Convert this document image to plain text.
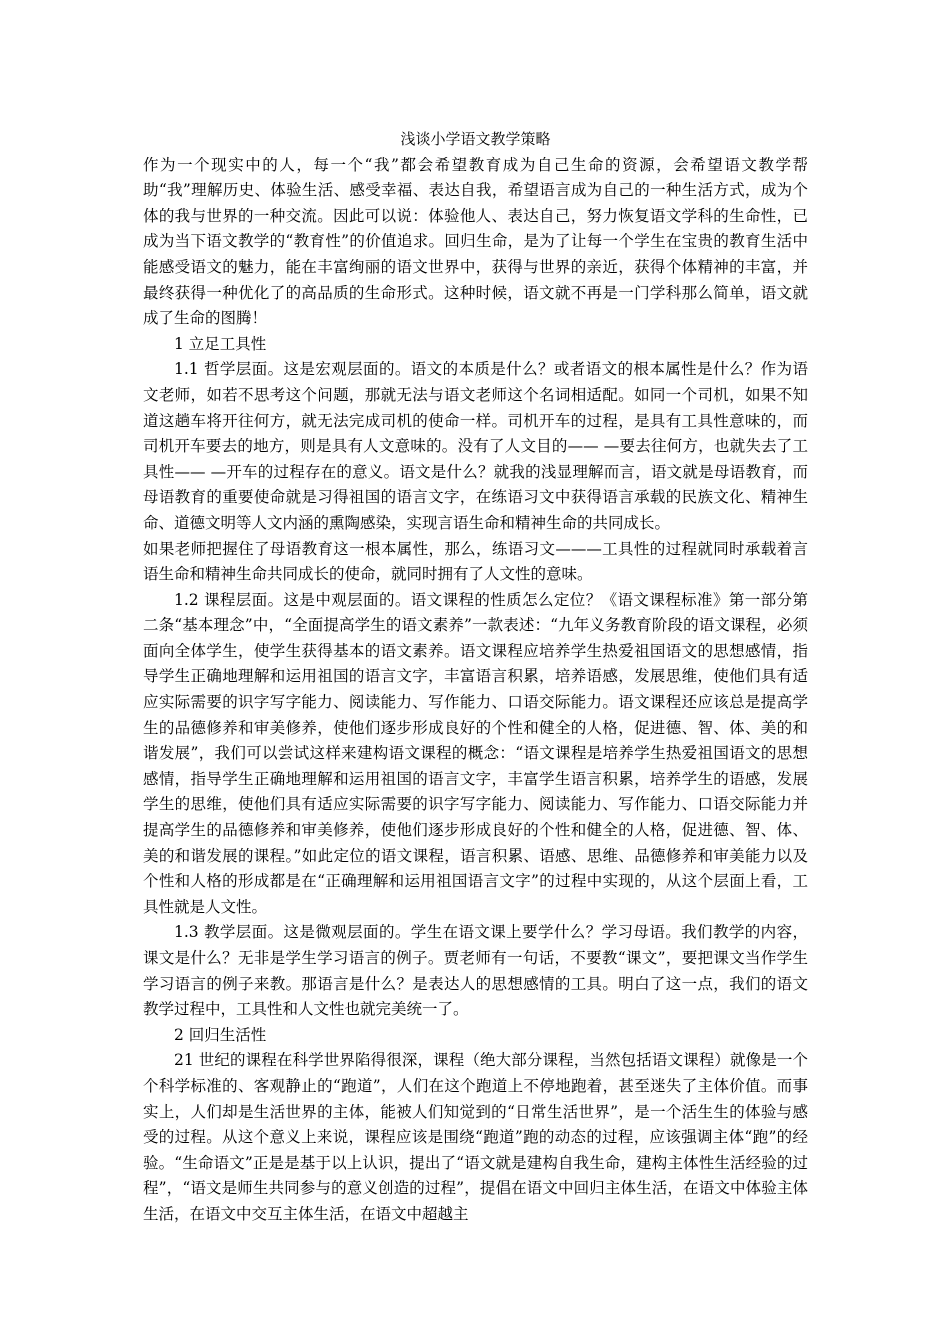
浅谈小学语文教学策略

作为一个现实中的人，每一个“我”都会希望教育成为自己生命的资源，会希望语文教学帮助“我”理解历史、体验生活、感受幸福、表达自我，希望语言成为自己的一种生活方式，成为个体的我与世界的一种交流。因此可以说：体验他人、表达自己，努力恢复语文学科的生命性，已成为当下语文教学的“教育性”的价值追求。回归生命，是为了让每一个学生在宝贵的教育生活中能感受语文的魅力，能在丰富绚丽的语文世界中，获得与世界的亲近，获得个体精神的丰富，并最终获得一种优化了的高品质的生命形式。这种时候，语文就不再是一门学科那么简单，语文就成了生命的图腾！

1 立足工具性

1.1 哲学层面。这是宏观层面的。语文的本质是什么？或者语文的根本属性是什么？作为语文老师，如若不思考这个问题，那就无法与语文老师这个名词相适配。如同一个司机，如果不知道这趟车将开往何方，就无法完成司机的使命一样。司机开车的过程，是具有工具性意味的，而司机开车要去的地方，则是具有人文意味的。没有了人文目的—— —要去往何方，也就失去了工具性—— —开车的过程存在的意义。语文是什么？就我的浅显理解而言，语文就是母语教育，而母语教育的重要使命就是习得祖国的语言文字，在练语习文中获得语言承载的民族文化、精神生命、道德文明等人文内涵的熏陶感染，实现言语生命和精神生命的共同成长。

如果老师把握住了母语教育这一根本属性，那么，练语习文———工具性的过程就同时承载着言语生命和精神生命共同成长的使命，就同时拥有了人文性的意味。

1.2 课程层面。这是中观层面的。语文课程的性质怎么定位？《语文课程标准》第一部分第二条“基本理念”中，“全面提高学生的语文素养”一款表述：“九年义务教育阶段的语文课程，必须面向全体学生，使学生获得基本的语文素养。语文课程应培养学生热爱祖国语文的思想感情，指导学生正确地理解和运用祖国的语言文字，丰富语言积累，培养语感，发展思维，使他们具有适应实际需要的识字写字能力、阅读能力、写作能力、口语交际能力。语文课程还应该总是提高学生的品德修养和审美修养，使他们逐步形成良好的个性和健全的人格，促进德、智、体、美的和谐发展”，我们可以尝试这样来建构语文课程的概念：“语文课程是培养学生热爱祖国语文的思想感情，指导学生正确地理解和运用祖国的语言文字，丰富学生语言积累，培养学生的语感，发展学生的思维，使他们具有适应实际需要的识字写字能力、阅读能力、写作能力、口语交际能力并提高学生的品德修养和审美修养，使他们逐步形成良好的个性和健全的人格，促进德、智、体、美的和谐发展的课程。”如此定位的语文课程，语言积累、语感、思维、品德修养和审美能力以及个性和人格的形成都是在“正确理解和运用祖国语言文字”的过程中实现的，从这个层面上看，工具性就是人文性。

1.3 教学层面。这是微观层面的。学生在语文课上要学什么？学习母语。我们教学的内容，课文是什么？无非是学生学习语言的例子。贾老师有一句话，不要教“课文”，要把课文当作学生学习语言的例子来教。那语言是什么？是表达人的思想感情的工具。明白了这一点，我们的语文教学过程中，工具性和人文性也就完美统一了。

2 回归生活性

21 世纪的课程在科学世界陷得很深，课程（绝大部分课程，当然包括语文课程）就像是一个个科学标准的、客观静止的“跑道”，人们在这个跑道上不停地跑着，甚至迷失了主体价值。而事实上，人们却是生活世界的主体，能被人们知觉到的“日常生活世界”，是一个活生生的体验与感受的过程。从这个意义上来说，课程应该是围绕“跑道”跑的动态的过程，应该强调主体“跑”的经验。“生命语文”正是是基于以上认识，提出了“语文就是建构自我生命，建构主体性生活经验的过程”，“语文是师生共同参与的意义创造的过程”，提倡在语文中回归主体生活，在语文中体验主体生活，在语文中交互主体生活，在语文中超越主
